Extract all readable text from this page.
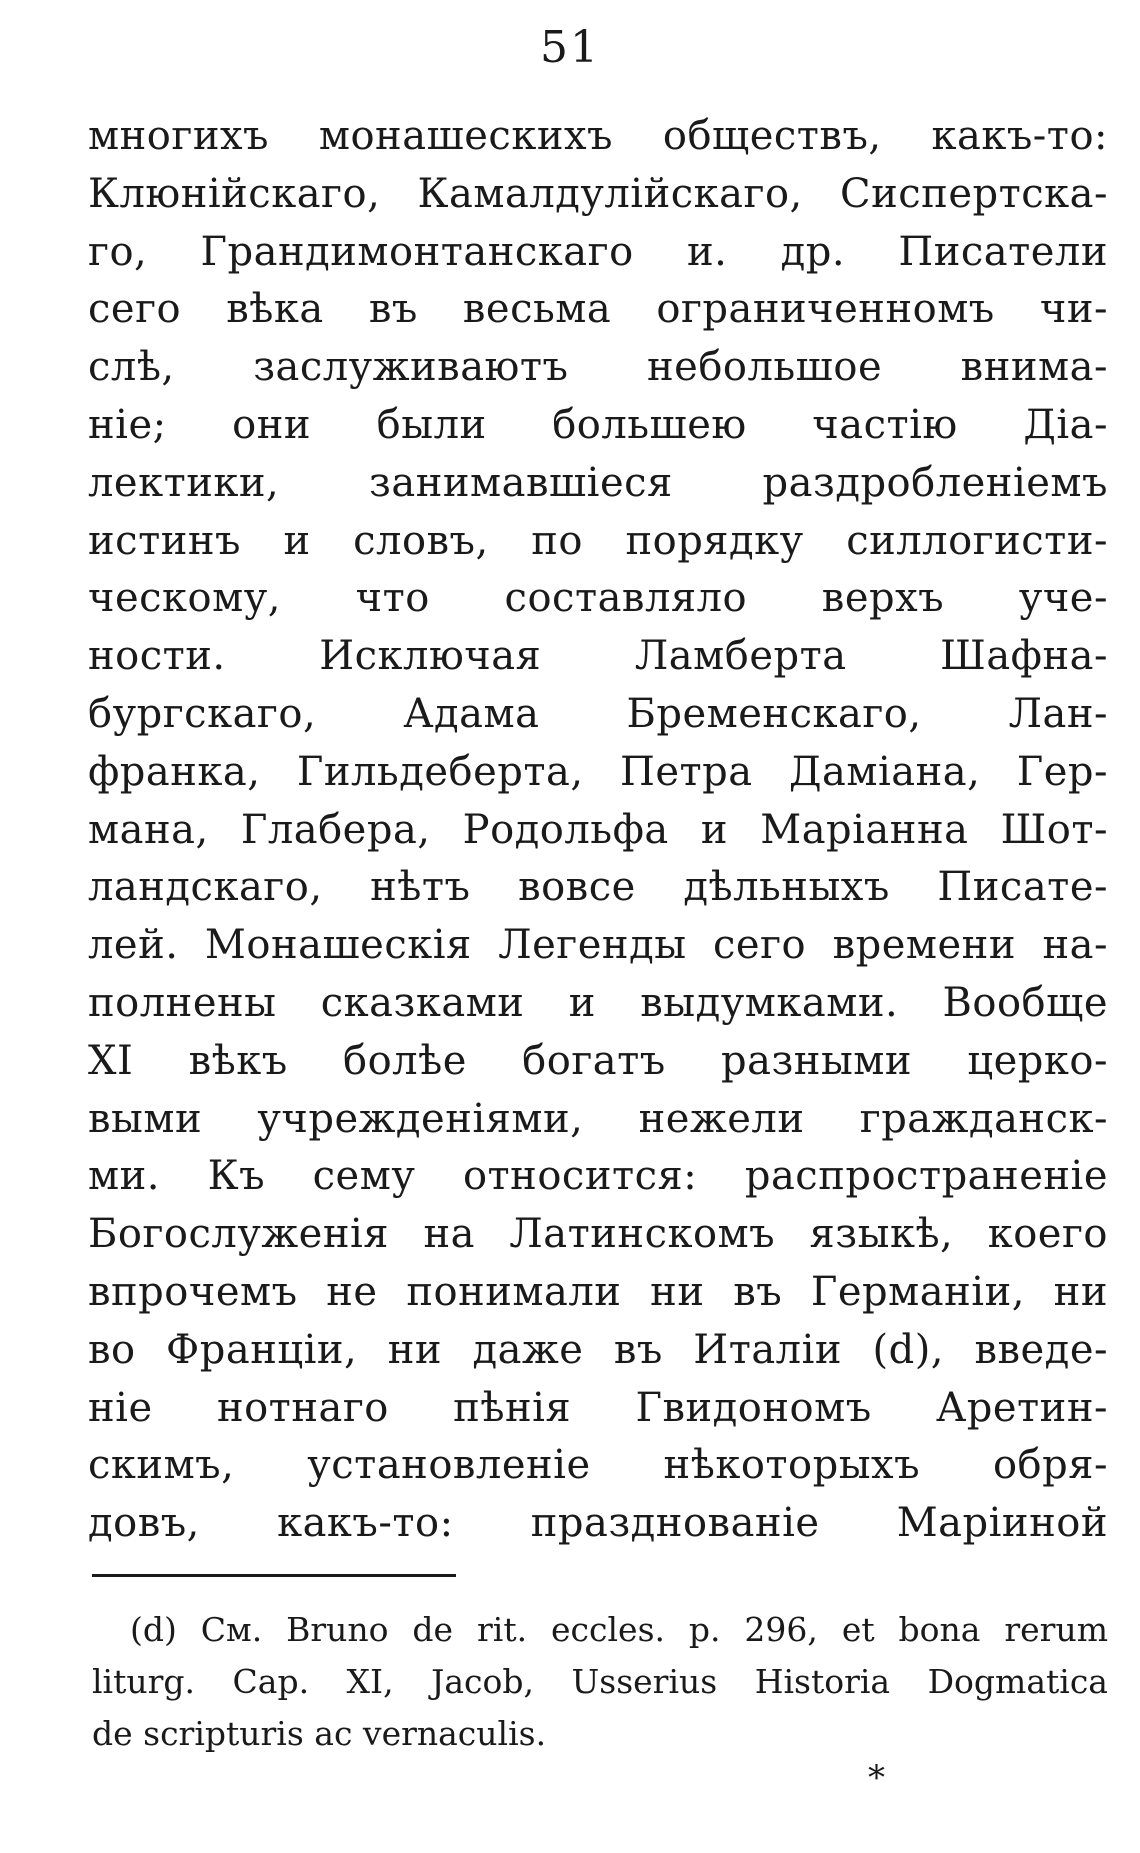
51
многихъ монашескихъ обществъ, какъ-то:
Клюнійскаго, Камалдулійскаго, Сиспертска-
го, Грандимонтанскаго и. др. Писатели
сего вѣка въ весьма ограниченномъ чи-
слѣ, заслуживаютъ небольшое внима-
ніе; они были большею частію Діа-
лектики, занимавшіеся раздробленіемъ
истинъ и словъ, по порядку силлогисти-
ческому, что составляло верхъ уче-
ности. Исключая Ламберта Шафна-
бургскаго, Адама Бременскаго, Лан-
франка, Гильдеберта, Петра Даміана, Гер-
мана, Глабера, Родольфа и Маріанна Шот-
ландскаго, нѣтъ вовсе дѣльныхъ Писате-
лей. Монашескія Легенды сего времени на-
полнены сказками и выдумками. Вообще
XI вѣкъ болѣе богатъ разными церко-
выми учрежденіями, нежели гражданск-
ми. Къ сему относится: распространеніе
Богослуженія на Латинскомъ языкѣ, коего
впрочемъ не понимали ни въ Германіи, ни
во Франціи, ни даже въ Италіи (d), введе-
ніе нотнаго пѣнія Гвидономъ Аретин-
скимъ, установленіе нѣкоторыхъ обря-
довъ, какъ-то: празднованіе Маріиной
(d) См. Bruno de rit. eccles. p. 296, et bona rerum
liturg. Cap. XI, Jacob, Usserius Historia Dogmatica
de scripturis ac vernaculis.
*
